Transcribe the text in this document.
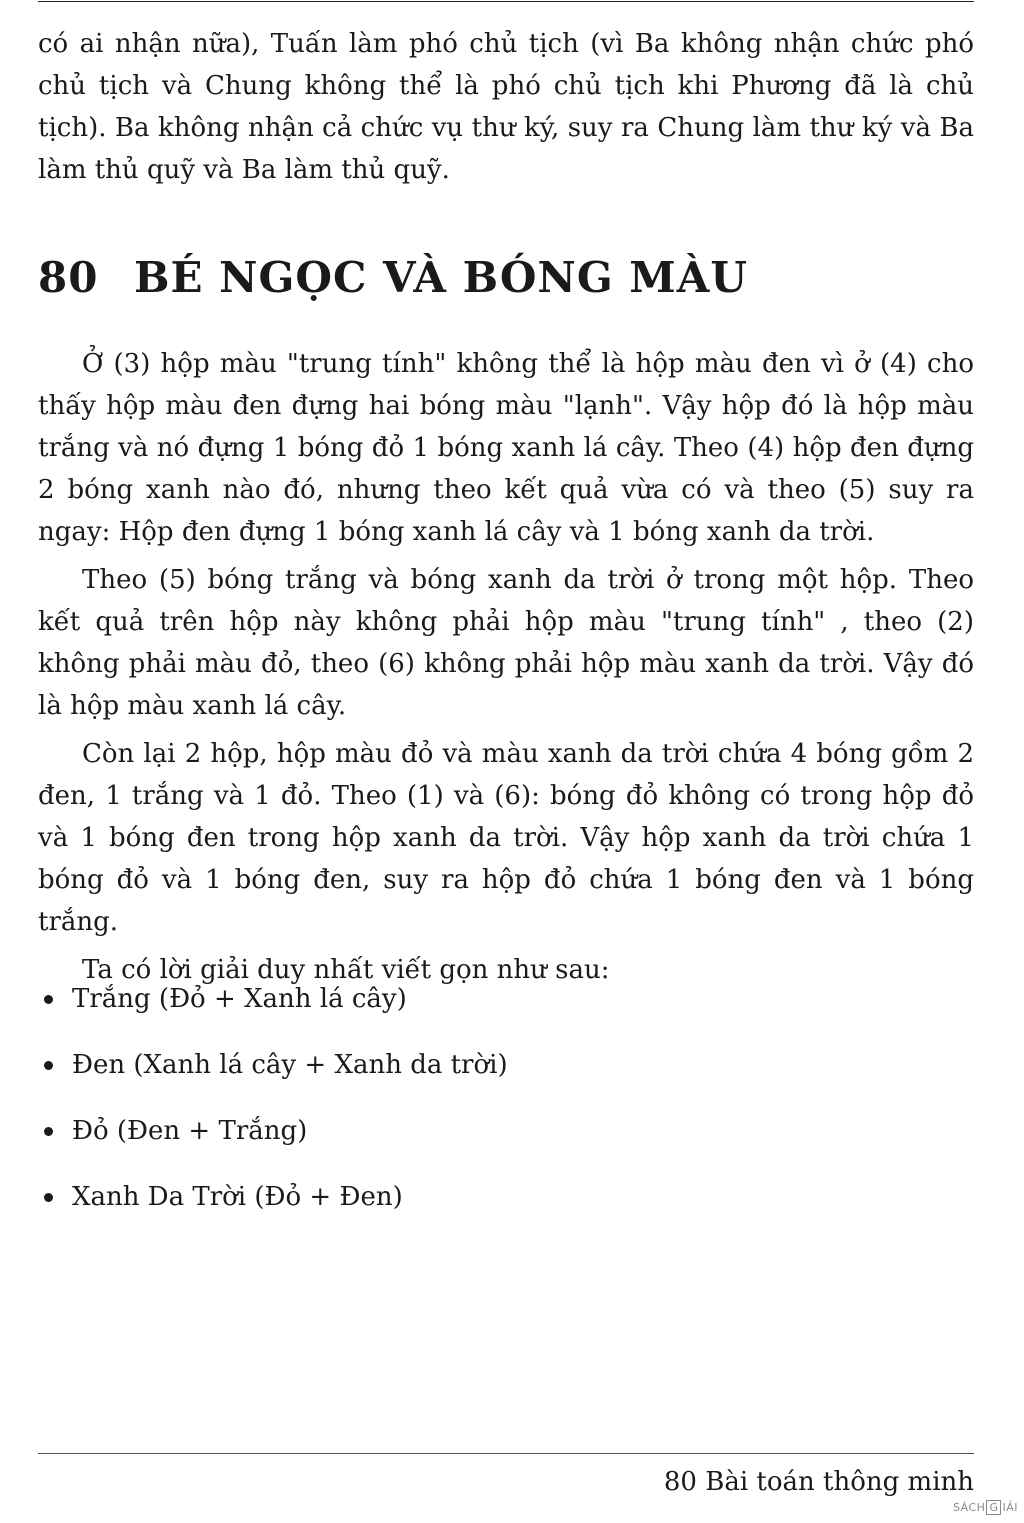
có ai nhận nữa), Tuấn làm phó chủ tịch (vì Ba không nhận chức phó chủ tịch và Chung không thể là phó chủ tịch khi Phương đã là chủ tịch). Ba không nhận cả chức vụ thư ký, suy ra Chung làm thư ký và Ba làm thủ quỹ và Ba làm thủ quỹ.

80 BÉ NGỌC VÀ BÓNG MÀU

Ở (3) hộp màu "trung tính" không thể là hộp màu đen vì ở (4) cho thấy hộp màu đen đựng hai bóng màu "lạnh". Vậy hộp đó là hộp màu trắng và nó đựng 1 bóng đỏ 1 bóng xanh lá cây. Theo (4) hộp đen đựng 2 bóng xanh nào đó, nhưng theo kết quả vừa có và theo (5) suy ra ngay: Hộp đen đựng 1 bóng xanh lá cây và 1 bóng xanh da trời.

Theo (5) bóng trắng và bóng xanh da trời ở trong một hộp. Theo kết quả trên hộp này không phải hộp màu "trung tính" , theo (2) không phải màu đỏ, theo (6) không phải hộp màu xanh da trời. Vậy đó là hộp màu xanh lá cây.

Còn lại 2 hộp, hộp màu đỏ và màu xanh da trời chứa 4 bóng gồm 2 đen, 1 trắng và 1 đỏ. Theo (1) và (6): bóng đỏ không có trong hộp đỏ và 1 bóng đen trong hộp xanh da trời. Vậy hộp xanh da trời chứa 1 bóng đỏ và 1 bóng đen, suy ra hộp đỏ chứa 1 bóng đen và 1 bóng trắng.

Ta có lời giải duy nhất viết gọn như sau:

Trắng (Đỏ + Xanh lá cây)
Đen (Xanh lá cây + Xanh da trời)
Đỏ (Đen + Trắng)
Xanh Da Trời (Đỏ + Đen)
80 Bài toán thông minh
SÁCH G IẢI
